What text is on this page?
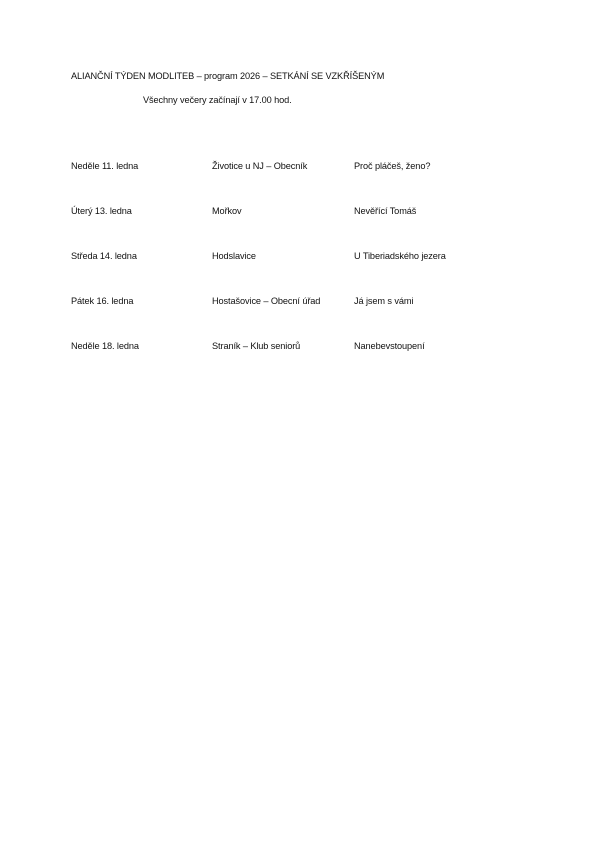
ALIANČNÍ TÝDEN MODLITEB – program 2026 – SETKÁNÍ SE VZKŘÍŠENÝM
Všechny večery začínají v 17.00 hod.
Neděle 11. ledna	Životice u NJ – Obecník	Proč pláčeš, ženo?
Úterý 13. ledna	Mořkov	Nevěřící Tomáš
Středa 14. ledna	Hodslavice	U Tiberiadského jezera
Pátek 16. ledna	Hostašovice – Obecní úřad	Já jsem s vámi
Neděle 18. ledna	Straník – Klub seniorů	Nanebevstoupení
